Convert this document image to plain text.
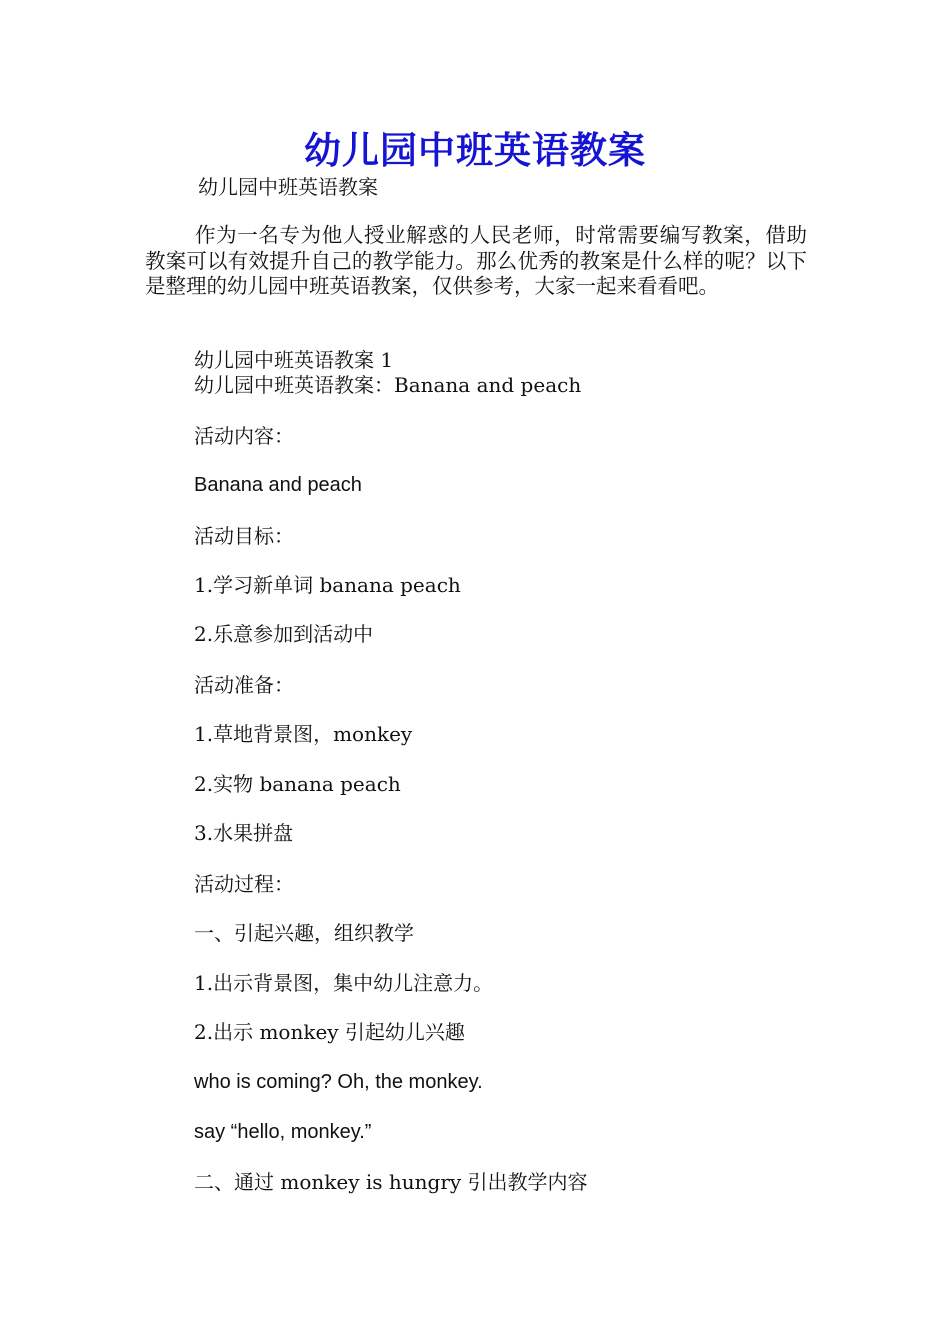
幼儿园中班英语教案
幼儿园中班英语教案

作为一名专为他人授业解惑的人民老师，时常需要编写教案，借助教案可以有效提升自己的教学能力。那么优秀的教案是什么样的呢？以下是整理的幼儿园中班英语教案，仅供参考，大家一起来看看吧。

幼儿园中班英语教案 1
幼儿园中班英语教案：Banana and peach
活动内容：
Banana and peach
活动目标：
1.学习新单词 banana peach
2.乐意参加到活动中
活动准备：
1.草地背景图，monkey
2.实物 banana peach
3.水果拼盘
活动过程：
一、引起兴趣，组织教学
1.出示背景图，集中幼儿注意力。
2.出示 monkey 引起幼儿兴趣
who is coming? Oh, the monkey.
say “hello, monkey.”
二、通过 monkey is hungry 引出教学内容
